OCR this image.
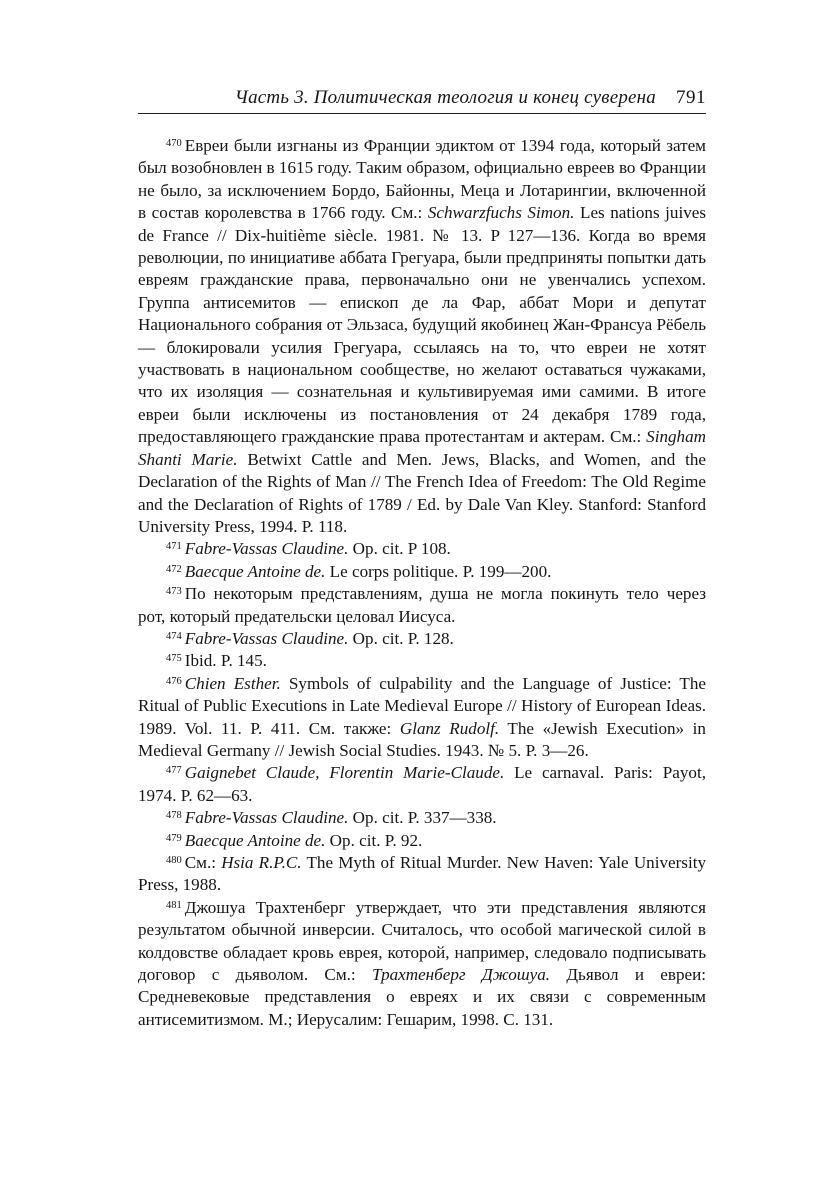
Часть 3. Политическая теология и конец суверена 791

$^{470}$ Евреи были изгнаны из Франции эдиктом от 1394 года, который затем был возобновлен в 1615 году. Таким образом, официально евреев во Франции не было, за исключением Бордо, Байонны, Меца и Лотарингии, включенной в состав королевства в 1766 году. См.: Schwarzfuchs Simon. Les nations juives de France // Dix-huitième siècle. 1981. № 13. P 127—136. Когда во время революции, по инициативе аббата Грегуара, были предприняты попытки дать евреям гражданские права, первоначально они не увенчались успехом. Группа антисемитов — епископ де ла Фар, аббат Мори и депутат Национального собрания от Эльзаса, будущий якобинец Жан-Франсуа Рёбель — блокировали усилия Грегуара, ссылаясь на то, что евреи не хотят участвовать в национальном сообществе, но желают оставаться чужаками, что их изоляция — сознательная и культивируемая ими самими. В итоге евреи были исключены из постановления от 24 декабря 1789 года, предоставляющего гражданские права протестантам и актерам. См.: Singham Shanti Marie. Betwixt Cattle and Men. Jews, Blacks, and Women, and the Declaration of the Rights of Man // The French Idea of Freedom: The Old Regime and the Declaration of Rights of 1789 / Ed. by Dale Van Kley. Stanford: Stanford University Press, 1994. P. 118.

$^{471}$ Fabre-Vassas Claudine. Op. cit. P 108.

$^{472}$ Baecque Antoine de. Le corps politique. P. 199—200.

$^{473}$ По некоторым представлениям, душа не могла покинуть тело через рот, который предательски целовал Иисуса.

$^{474}$ Fabre-Vassas Claudine. Op. cit. P. 128.

$^{475}$ Ibid. P. 145.

$^{476}$ Chien Esther. Symbols of culpability and the Language of Justice: The Ritual of Public Executions in Late Medieval Europe // History of European Ideas. 1989. Vol. 11. P. 411. См. также: Glanz Rudolf. The «Jewish Execution» in Medieval Germany // Jewish Social Studies. 1943. № 5. P. 3—26.

$^{477}$ Gaignebet Claude, Florentin Marie-Claude. Le carnaval. Paris: Payot, 1974. P. 62—63.

$^{478}$ Fabre-Vassas Claudine. Op. cit. P. 337—338.

$^{479}$ Baecque Antoine de. Op. cit. P. 92.

$^{480}$ См.: Hsia R.P.C. The Myth of Ritual Murder. New Haven: Yale University Press, 1988.

$^{481}$ Джошуа Трахтенберг утверждает, что эти представления являются результатом обычной инверсии. Считалось, что особой магической силой в колдовстве обладает кровь еврея, которой, например, следовало подписывать договор с дьяволом. См.: Трахтенберг Джошуа. Дьявол и евреи: Средневековые представления о евреях и их связи с современным антисемитизмом. М.; Иерусалим: Гешарим, 1998. С. 131.
